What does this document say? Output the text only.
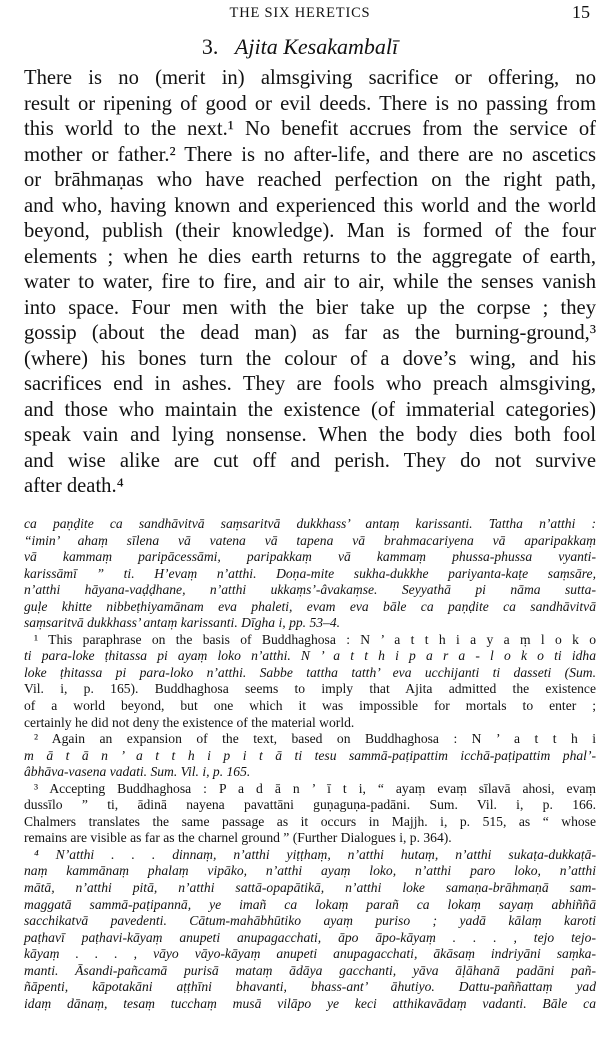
THE SIX HERETICS	15
3. Ajita Kesakambalī
There is no (merit in) almsgiving sacrifice or offering, no
result or ripening of good or evil deeds. There is no passing from
this world to the next.¹ No benefit accrues from the service of
mother or father.² There is no after-life, and there are no ascetics
or brāhmaṇas who have reached perfection on the right path,
and who, having known and experienced this world and the world
beyond, publish (their knowledge). Man is formed of the four
elements ; when he dies earth returns to the aggregate of earth,
water to water, fire to fire, and air to air, while the senses vanish
into space. Four men with the bier take up the corpse ; they
gossip (about the dead man) as far as the burning-ground,³
(where) his bones turn the colour of a dove’s wing, and his
sacrifices end in ashes. They are fools who preach almsgiving,
and those who maintain the existence (of immaterial categories)
speak vain and lying nonsense. When the body dies both fool
and wise alike are cut off and perish. They do not survive
after death.⁴
ca paṇḍite ca sandhāvitvā saṃsaritvā dukkhass’ antaṃ karissanti. Tattha n’atthi :
“imin’ ahaṃ sīlena vā vatena vā tapena vā brahmacariyena vā aparipakkaṃ
vā kammaṃ paripācessāmi, paripakkaṃ vā kammaṃ phussa-phussa vyanti-
karissāmī ” ti. H’evaṃ n’atthi. Doṇa-mite sukha-dukkhe pariyanta-kaṭe saṃsāre,
n’atthi hāyana-vaḍḍhane, n’atthi ukkaṃs’-âvakaṃse. Seyyathā pi nāma sutta-
guḷe khitte nibbeṭhiyamānam eva phaleti, evam eva bāle ca paṇḍite ca sandhāvitvā
saṃsaritvā dukkhass’ antaṃ karissanti. Dīgha i, pp. 53–4.
¹ This paraphrase on the basis of Buddhaghosa : N ’ a t t h i a y a ṃ l o k o
ti para-loke ṭhitassa pi ayaṃ loko n’atthi. N ’ a t t h i p a r a - l o k o ti idha
loke ṭhitassa pi para-loko n’atthi. Sabbe tattha tatth’ eva ucchijanti ti dasseti (Sum.
Vil. i, p. 165). Buddhaghosa seems to imply that Ajita admitted the existence
of a world beyond, but one which it was impossible for mortals to enter ;
certainly he did not deny the existence of the material world.
² Again an expansion of the text, based on Buddhaghosa : N ’ a t t h i
m ā t ā n ’ a t t h i p i t ā ti tesu sammā-paṭipattim icchā-paṭipattim phal’-
âbhāva-vasena vadati. Sum. Vil. i, p. 165.
³ Accepting Buddhaghosa : P a d ā n ’ ī t i, “ ayaṃ evaṃ sīlavā ahosi, evaṃ
dussīlo ” ti, ādinā nayena pavattāni guṇaguṇa-padāni. Sum. Vil. i, p. 166.
Chalmers translates the same passage as it occurs in Majjh. i, p. 515, as “ whose
remains are visible as far as the charnel ground ” (Further Dialogues i, p. 364).
⁴ N’atthi . . . dinnaṃ, n’atthi yiṭṭhaṃ, n’atthi hutaṃ, n’atthi sukaṭa-dukkaṭā-
naṃ kammānaṃ phalaṃ vipāko, n’atthi ayaṃ loko, n’atthi paro loko, n’atthi
mātā, n’atthi pitā, n’atthi sattā-opapātikā, n’atthi loke samaṇa-brāhmaṇā sam-
maggatā sammā-paṭipannā, ye imañ ca lokaṃ parañ ca lokaṃ sayaṃ abhiññā
sacchikatvā pavedenti. Cātum-mahābhūtiko ayaṃ puriso ; yadā kālaṃ karoti
paṭhavī paṭhavi-kāyaṃ anupeti anupagacchati, āpo āpo-kāyaṃ . . . , tejo tejo-
kāyaṃ . . . , vāyo vāyo-kāyaṃ anupeti anupagacchati, ākāsaṃ indriyāni saṃka-
manti. Āsandi-pañcamā purisā mataṃ ādāya gacchanti, yāva āḷāhanā padāni pañ-
ñāpenti, kāpotakāni aṭṭhīni bhavanti, bhass-ant’ āhutiyo. Dattu-paññattaṃ yad
idaṃ dānaṃ, tesaṃ tucchaṃ musā vilāpo ye keci atthikavādaṃ vadanti. Bāle ca
